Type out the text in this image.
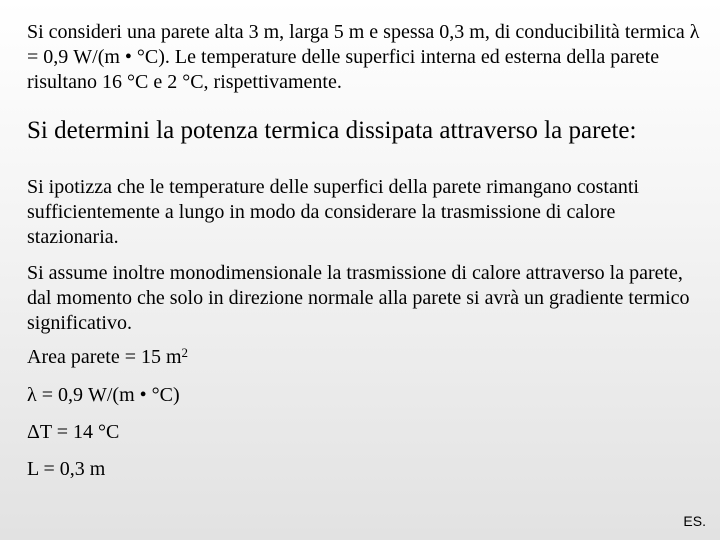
Si consideri una parete alta 3 m, larga 5 m e spessa 0,3 m, di conducibilità termica λ = 0,9 W/(m • °C). Le temperature delle superfici interna ed esterna della parete risultano 16 °C e 2 °C, rispettivamente.

Si determini la potenza termica dissipata attraverso la parete:

Si ipotizza che le temperature delle superfici della parete rimangano costanti sufficientemente a lungo in modo da considerare la trasmissione di calore stazionaria.

Si assume inoltre monodimensionale la trasmissione di calore attraverso la parete, dal momento che solo in direzione normale alla parete si avrà un gradiente termico significativo.

Area parete = 15 $m^2$
λ = 0,9 W/(m • °C)
ΔT = 14 °C
L = 0,3 m
ES.
